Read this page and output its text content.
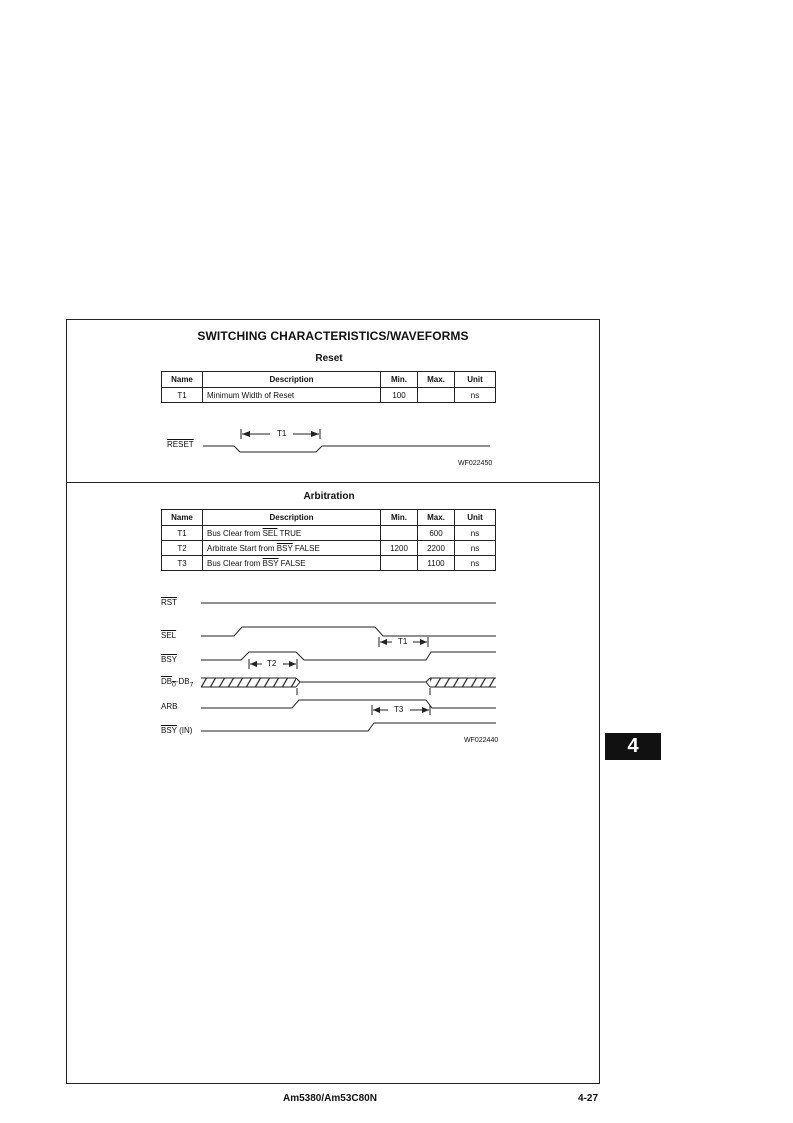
SWITCHING CHARACTERISTICS/WAVEFORMS
Reset
Name	Description	Min.	Max.	Unit
T1	Minimum Width of Reset	100		ns
T1
RESET
WF022450
Arbitration
Name	Description	Min.	Max.	Unit
T1	Bus Clear from $\overline{SEL}$ TRUE		600	ns
T2	Arbitrate Start from $\overline{BSY}$ FALSE	1200	2200	ns
T3	Bus Clear from $\overline{BSY}$ FALSE		1100	ns
T1
T2
T3
$\overline{RST}$
$\overline{SEL}$
$\overline{BSY}$
$DB_0-DB_7$
ARB
$\overline{BSY}$ (IN)
WF022440	4
Am5380/Am53C80N	4-27
